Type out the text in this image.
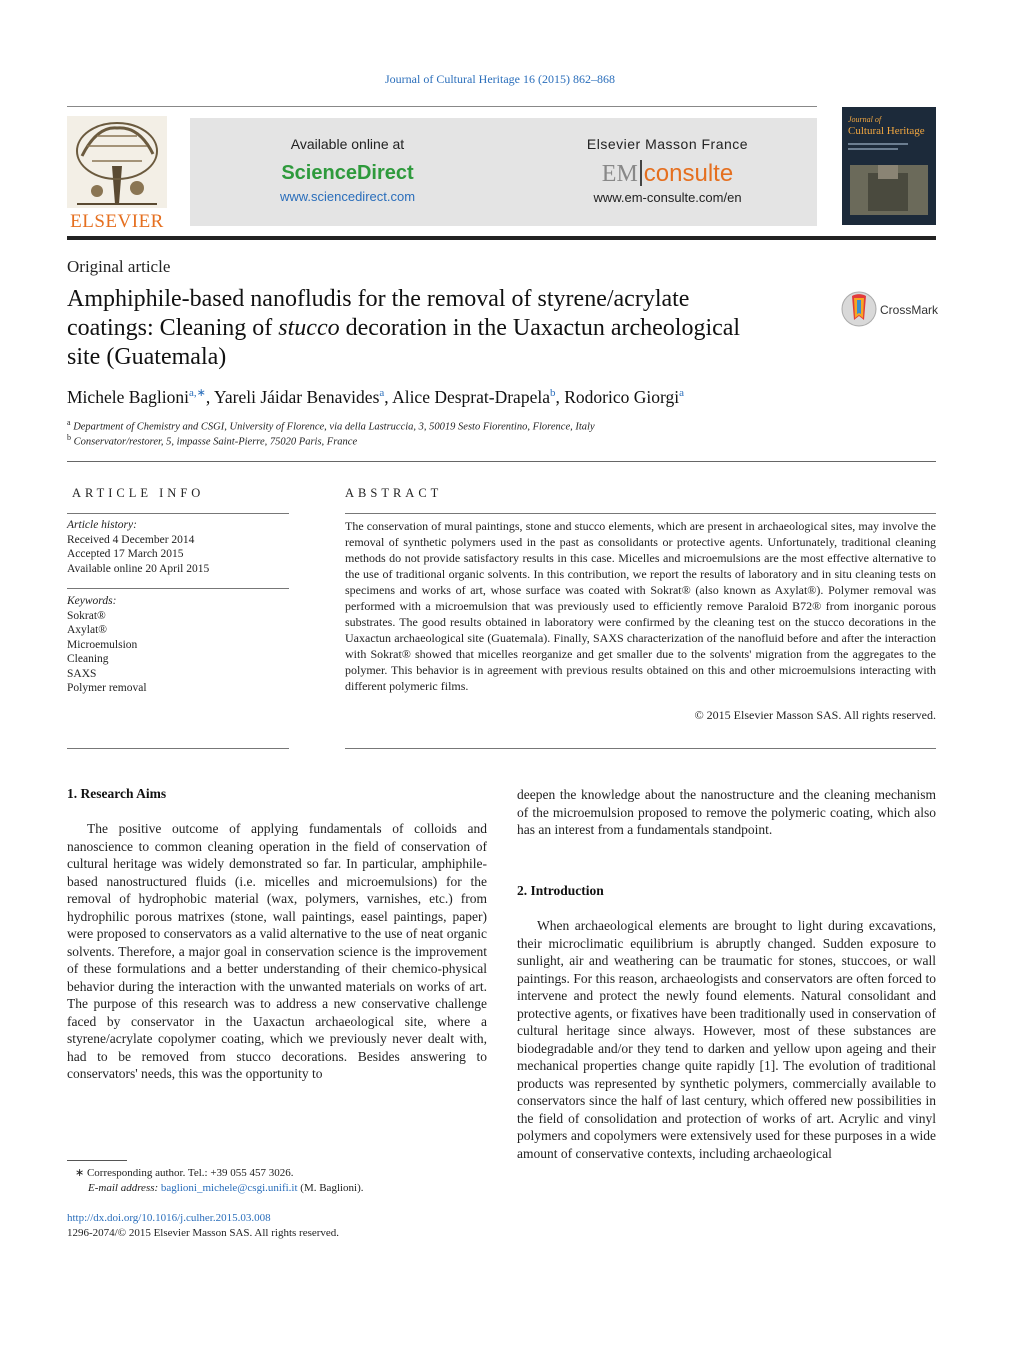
Journal of Cultural Heritage 16 (2015) 862–868
ELSEVIER
Available online at
ScienceDirect
www.sciencedirect.com
Elsevier Masson France
EM consulte
www.em-consulte.com/en
Journal of
Cultural Heritage
Original article
Amphiphile-based nanofludis for the removal of styrene/acrylate
coatings: Cleaning of stucco decoration in the Uaxactun archeological
site (Guatemala)
CrossMark
Michele Baglioni$^{a,∗}$, Yareli Jáidar Benavides$^a$, Alice Desprat-Drapela$^b$, Rodorico Giorgi$^a$
$^a$ Department of Chemistry and CSGI, University of Florence, via della Lastruccia, 3, 50019 Sesto Fiorentino, Florence, Italy
$^b$ Conservator/restorer, 5, impasse Saint-Pierre, 75020 Paris, France
ARTICLE INFO
Article history:
Received 4 December 2014
Accepted 17 March 2015
Available online 20 April 2015
Keywords:
Sokrat®
Axylat®
Microemulsion
Cleaning
SAXS
Polymer removal
ABSTRACT
The conservation of mural paintings, stone and stucco elements, which are present in archaeological sites, may involve the removal of synthetic polymers used in the past as consolidants or protective agents. Unfortunately, traditional cleaning methods do not provide satisfactory results in this case. Micelles and microemulsions are the most effective alternative to the use of traditional organic solvents. In this contribution, we report the results of laboratory and in situ cleaning tests on specimens and works of art, whose surface was coated with Sokrat® (also known as Axylat®). Polymer removal was performed with a microemulsion that was previously used to efficiently remove Paraloid B72® from inorganic porous substrates. The good results obtained in laboratory were confirmed by the cleaning test on the stucco decorations in the Uaxactun archaeological site (Guatemala). Finally, SAXS characterization of the nanofluid before and after the interaction with Sokrat® showed that micelles reorganize and get smaller due to the solvents' migration from the aggregates to the polymer. This behavior is in agreement with previous results obtained on this and other microemulsions interacting with different polymeric films.
© 2015 Elsevier Masson SAS. All rights reserved.
1. Research Aims

The positive outcome of applying fundamentals of colloids and nanoscience to common cleaning operation in the field of conservation of cultural heritage was widely demonstrated so far. In particular, amphiphile-based nanostructured fluids (i.e. micelles and microemulsions) for the removal of hydrophobic material (wax, polymers, varnishes, etc.) from hydrophilic porous matrixes (stone, wall paintings, easel paintings, paper) were proposed to conservators as a valid alternative to the use of neat organic solvents. Therefore, a major goal in conservation science is the improvement of these formulations and a better understanding of their chemico-physical behavior during the interaction with the unwanted materials on works of art. The purpose of this research was to address a new conservative challenge faced by conservator in the Uaxactun archaeological site, where a styrene/acrylate copolymer coating, which we previously never dealt with, had to be removed from stucco decorations. Besides answering to conservators' needs, this was the opportunity to

deepen the knowledge about the nanostructure and the cleaning mechanism of the microemulsion proposed to remove the polymeric coating, which also has an interest from a fundamentals standpoint.

2. Introduction

When archaeological elements are brought to light during excavations, their microclimatic equilibrium is abruptly changed. Sudden exposure to sunlight, air and weathering can be traumatic for stones, stuccoes, or wall paintings. For this reason, archaeologists and conservators are often forced to intervene and protect the newly found elements. Natural consolidant and protective agents, or fixatives have been traditionally used in conservation of cultural heritage since always. However, most of these substances are biodegradable and/or they tend to darken and yellow upon ageing and their mechanical properties change quite rapidly [1]. The evolution of traditional products was represented by synthetic polymers, commercially available to conservators since the half of last century, which offered new possibilities in the field of consolidation and protection of works of art. Acrylic and vinyl polymers and copolymers were extensively used for these purposes in a wide amount of conservative contexts, including archaeological

∗ Corresponding author. Tel.: +39 055 457 3026.
E-mail address: baglioni_michele@csgi.unifi.it (M. Baglioni).
http://dx.doi.org/10.1016/j.culher.2015.03.008
1296-2074/© 2015 Elsevier Masson SAS. All rights reserved.
